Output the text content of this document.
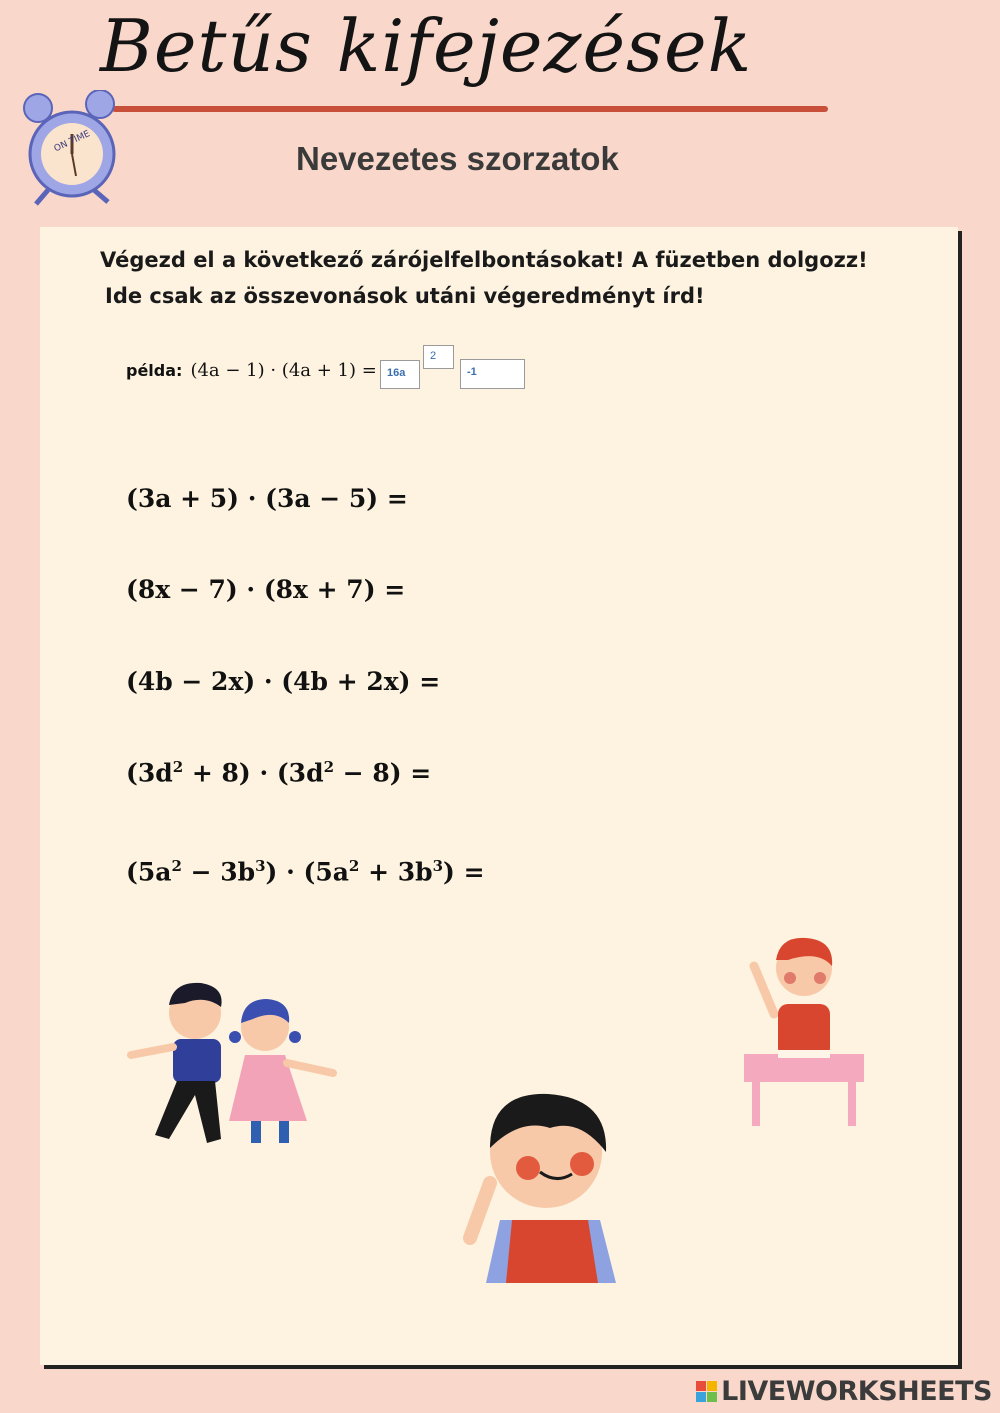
Betűs kifejezések
ON TIME	Nevezetes szorzatok
Végezd el a következő zárójelfelbontásokat! A füzetben dolgozz!
Ide csak az összevonások utáni végeredményt írd!
példa: (4a − 1) · (4a + 1) = 16a
2
-1
(3a + 5) · (3a − 5) =
(8x − 7) · (8x + 7) =
(4b − 2x) · (4b + 2x) =
$(3d^2 + 8) \cdot (3d^2 - 8)$ =
$(5a^2 - 3b^3) \cdot (5a^2 + 3b^3)$ =
LIVEWORKSHEETS
